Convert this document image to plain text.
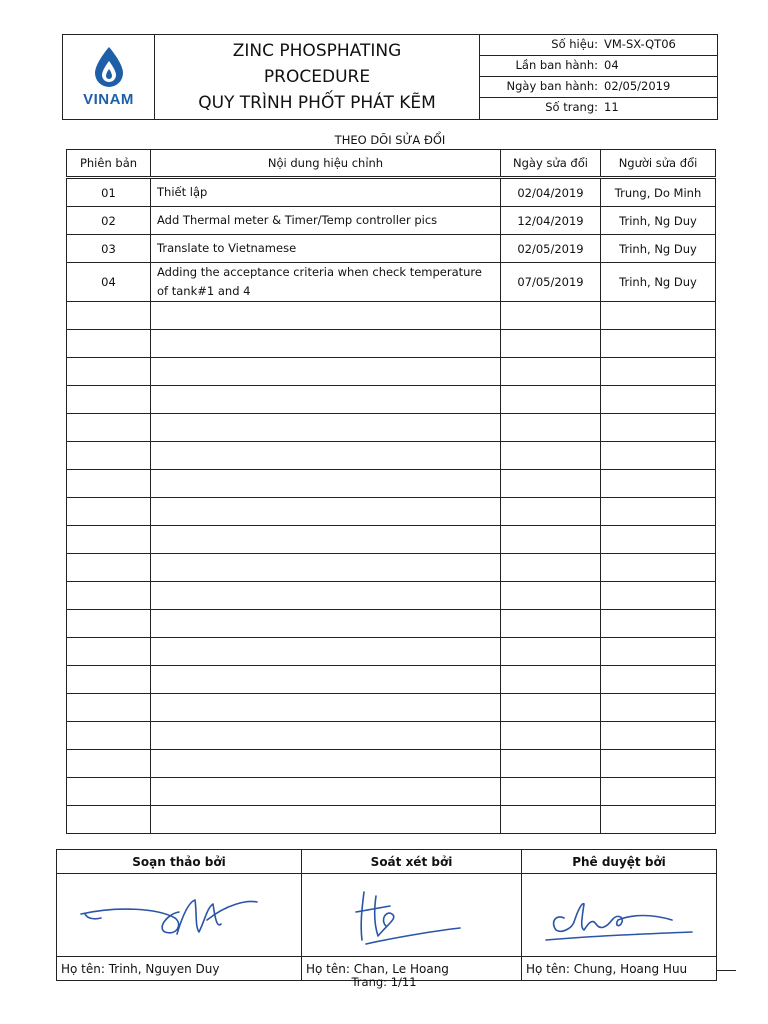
VINAM
ZINC PHOSPHATING
PROCEDURE
QUY TRÌNH PHỐT PHÁT KẼM
Số hiệu: VM-SX-QT06
Lần ban hành: 04
Ngày ban hành: 02/05/2019
Số trang: 11
THEO DÕI SỬA ĐỔI
Phiên bản	Nội dung hiệu chỉnh	Ngày sửa đổi	Người sửa đổi
01	Thiết lập	02/04/2019	Trung, Do Minh
02	Add Thermal meter & Timer/Temp controller pics	12/04/2019	Trinh, Ng Duy
03	Translate to Vietnamese	02/05/2019	Trinh, Ng Duy
04	Adding the acceptance criteria when check temperature of tank#1 and 4	07/05/2019	Trinh, Ng Duy

Soạn thảo bởi	Soát xét bởi	Phê duyệt bởi

Họ tên: Trinh, Nguyen Duy	Họ tên: Chan, Le Hoang	Họ tên: Chung, Hoang Huu
Trang: 1/11
